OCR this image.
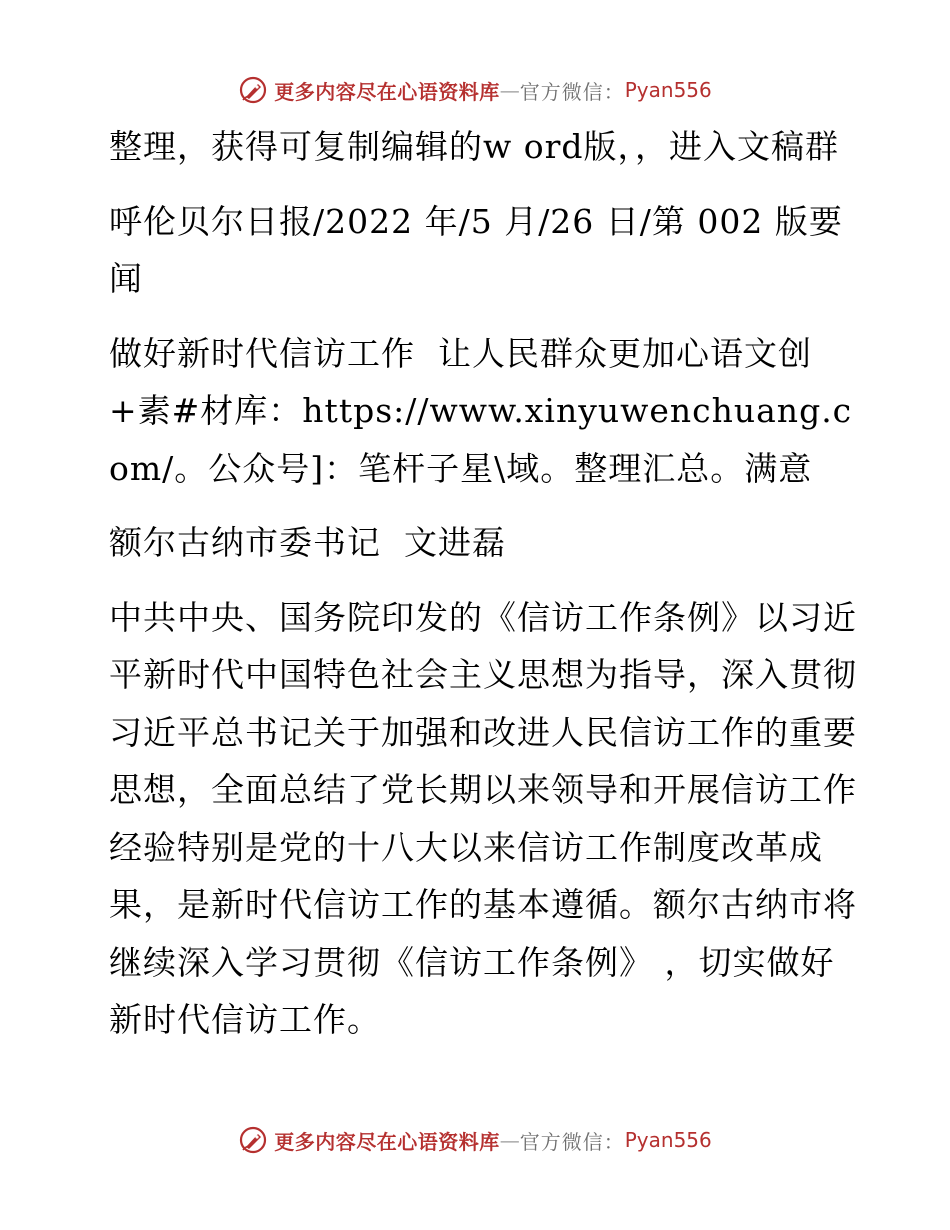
更多内容尽在心语资料库 — 官方微信： Pyan556

整理，获得可复制编辑的w ord版，，进入文稿群

呼伦贝尔日报/2022 年/5 月/26 日/第 002 版要闻

做好新时代信访工作  让人民群众更加心语文创+素#材库：https://www.xinyuwenchuang.com/。公众号]：笔杆子星\域。整理汇总。满意

额尔古纳市委书记  文进磊

中共中央、国务院印发的《信访工作条例》以习近平新时代中国特色社会主义思想为指导，深入贯彻习近平总书记关于加强和改进人民信访工作的重要思想，全面总结了党长期以来领导和开展信访工作经验特别是党的十八大以来信访工作制度改革成果，是新时代信访工作的基本遵循。额尔古纳市将继续深入学习贯彻《信访工作条例》 ，切实做好新时代信访工作。

更多内容尽在心语资料库 — 官方微信： Pyan556
